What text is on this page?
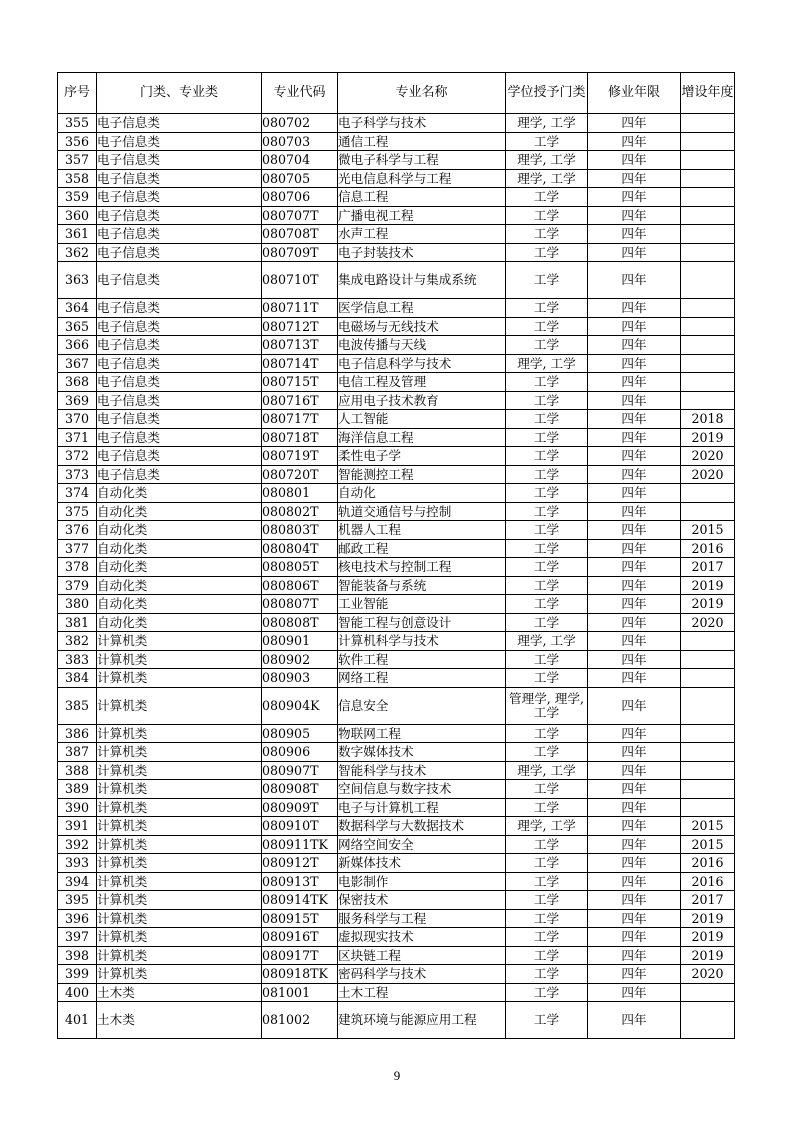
序号	门类、专业类	专业代码	专业名称	学位授予门类	修业年限	增设年度
355	电子信息类	080702	电子科学与技术	理学, 工学	四年	
356	电子信息类	080703	通信工程	工学	四年	
357	电子信息类	080704	微电子科学与工程	理学, 工学	四年	
358	电子信息类	080705	光电信息科学与工程	理学, 工学	四年	
359	电子信息类	080706	信息工程	工学	四年	
360	电子信息类	080707T	广播电视工程	工学	四年	
361	电子信息类	080708T	水声工程	工学	四年	
362	电子信息类	080709T	电子封装技术	工学	四年	
363	电子信息类	080710T	集成电路设计与集成系统	工学	四年	
364	电子信息类	080711T	医学信息工程	工学	四年	
365	电子信息类	080712T	电磁场与无线技术	工学	四年	
366	电子信息类	080713T	电波传播与天线	工学	四年	
367	电子信息类	080714T	电子信息科学与技术	理学, 工学	四年	
368	电子信息类	080715T	电信工程及管理	工学	四年	
369	电子信息类	080716T	应用电子技术教育	工学	四年	
370	电子信息类	080717T	人工智能	工学	四年	2018
371	电子信息类	080718T	海洋信息工程	工学	四年	2019
372	电子信息类	080719T	柔性电子学	工学	四年	2020
373	电子信息类	080720T	智能测控工程	工学	四年	2020
374	自动化类	080801	自动化	工学	四年	
375	自动化类	080802T	轨道交通信号与控制	工学	四年	
376	自动化类	080803T	机器人工程	工学	四年	2015
377	自动化类	080804T	邮政工程	工学	四年	2016
378	自动化类	080805T	核电技术与控制工程	工学	四年	2017
379	自动化类	080806T	智能装备与系统	工学	四年	2019
380	自动化类	080807T	工业智能	工学	四年	2019
381	自动化类	080808T	智能工程与创意设计	工学	四年	2020
382	计算机类	080901	计算机科学与技术	理学, 工学	四年	
383	计算机类	080902	软件工程	工学	四年	
384	计算机类	080903	网络工程	工学	四年	
385	计算机类	080904K	信息安全	管理学, 理学, 工学	四年	
386	计算机类	080905	物联网工程	工学	四年	
387	计算机类	080906	数字媒体技术	工学	四年	
388	计算机类	080907T	智能科学与技术	理学, 工学	四年	
389	计算机类	080908T	空间信息与数字技术	工学	四年	
390	计算机类	080909T	电子与计算机工程	工学	四年	
391	计算机类	080910T	数据科学与大数据技术	理学, 工学	四年	2015
392	计算机类	080911TK	网络空间安全	工学	四年	2015
393	计算机类	080912T	新媒体技术	工学	四年	2016
394	计算机类	080913T	电影制作	工学	四年	2016
395	计算机类	080914TK	保密技术	工学	四年	2017
396	计算机类	080915T	服务科学与工程	工学	四年	2019
397	计算机类	080916T	虚拟现实技术	工学	四年	2019
398	计算机类	080917T	区块链工程	工学	四年	2019
399	计算机类	080918TK	密码科学与技术	工学	四年	2020
400	土木类	081001	土木工程	工学	四年	
401	土木类	081002	建筑环境与能源应用工程	工学	四年	
9
